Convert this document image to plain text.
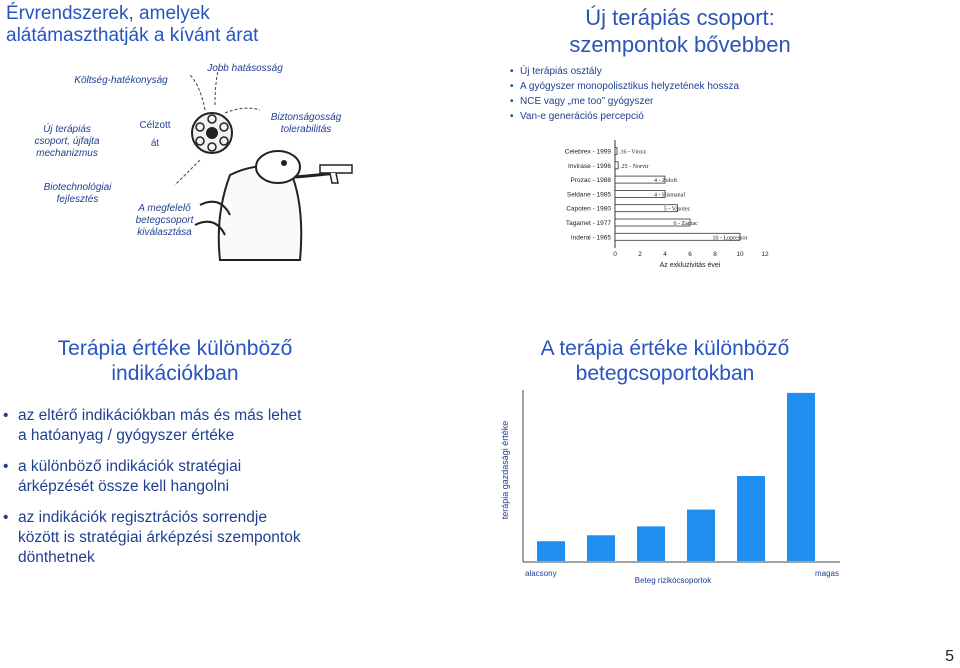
Érvrendszerek, amelyek
alátámaszthatják a kívánt árat
Költség-hatékonyság
Jobb hatásosság
Új terápiás
csoport, újfajta
mechanizmus
Célzott
át
Biztonságosság
tolerabilitás
Biotechnológiai
fejlesztés
A megfelelő
betegcsoport
kiválasztása
Új terápiás csoport:
szempontok bővebben
• Új terápiás osztály
• A gyógyszer monopolisztikus helyzetének hossza
• NCE vagy „me too” gyógyszer
• Van-e generációs percepció
Celebrex - 1999 .16 - Vioxx
Invirase - 1996 .25 - Norvir
Prozac - 1988	4 - Zoloft
Seldane - 1985	4 - Hismanal
Capoten - 1980	5 - Vasotec
Tagamet - 1977	6 - Zantac
Inderal - 1965	10 - Lopressor
0	2	4	6	8	10	12
Az exkluzivitás évei
Terápia értéke különböző
indikációkban
• az eltérő indikációkban más és más lehet
a hatóanyag / gyógyszer értéke
• a különböző indikációk stratégiai
árképzését össze kell hangolni
• az indikációk regisztrációs sorrendje
között is stratégiai árképzési szempontok
dönthetnek
A terápia értéke különböző
betegcsoportokban
terápia gazdasági értéke
alacsony
Beteg rizikócsoportok
magas
5
